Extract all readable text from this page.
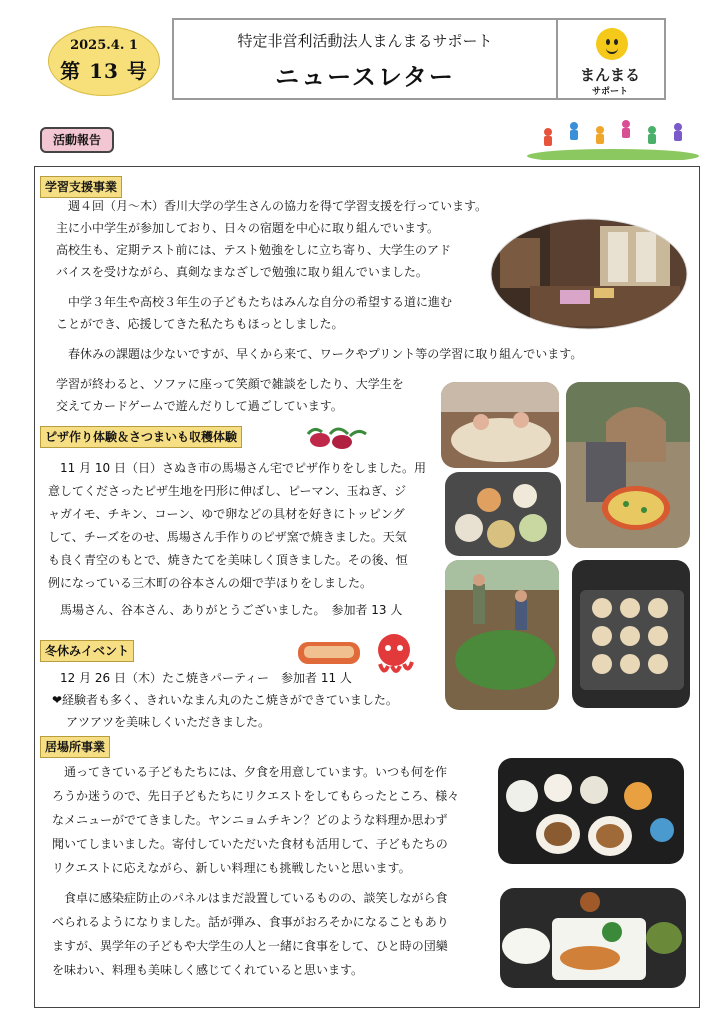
2025.4. 1
第 13 号
特定非営利活動法人まんまるサポート
ニュースレター	まんまる
サポート
活動報告
学習支援事業
週４回（月～木）香川大学の学生さんの協力を得て学習支援を行っています。
主に小中学生が参加しており、日々の宿題を中心に取り組んでいます。
高校生も、定期テスト前には、テスト勉強をしに立ち寄り、大学生のアド
バイスを受けながら、真剣なまなざしで勉強に取り組んでいました。
中学３年生や高校３年生の子どもたちはみんな自分の希望する道に進む
ことができ、応援してきた私たちもほっとしました。
春休みの課題は少ないですが、早くから来て、ワークやプリント等の学習に取り組んでいます。
学習が終わると、ソファに座って笑顔で雑談をしたり、大学生を
交えてカードゲームで遊んだりして過ごしています。
ピザ作り体験＆さつまいも収穫体験
11 月 10 日（日）さぬき市の馬場さん宅でピザ作りをしました。用
意してくださったピザ生地を円形に伸ばし、ピーマン、玉ねぎ、ジ
ャガイモ、チキン、コーン、ゆで卵などの具材を好きにトッピング
して、チーズをのせ、馬場さん手作りのピザ窯で焼きました。天気
も良く青空のもとで、焼きたてを美味しく頂きました。その後、恒
例になっている三木町の谷本さんの畑で芋ほりをしました。
馬場さん、谷本さん、ありがとうございました。　参加者 13 人
冬休みイベント
12 月 26 日（木）たこ焼きパーティー　参加者 11 人
❤経験者も多く、きれいなまん丸のたこ焼きができていました。
アツアツを美味しくいただきました。
居場所事業
通ってきている子どもたちには、夕食を用意しています。いつも何を作
ろうか迷うので、先日子どもたちにリクエストをしてもらったところ、様々
なメニューがでてきました。ヤンニョムチキン？どのような料理か思わず
聞いてしまいました。寄付していただいた食材も活用して、子どもたちの
リクエストに応えながら、新しい料理にも挑戦したいと思います。
食卓に感染症防止のパネルはまだ設置しているものの、談笑しながら食
べられるようになりました。話が弾み、食事がおろそかになることもあり
ますが、異学年の子どもや大学生の人と一緒に食事をして、ひと時の団欒
を味わい、料理も美味しく感じてくれていると思います。
